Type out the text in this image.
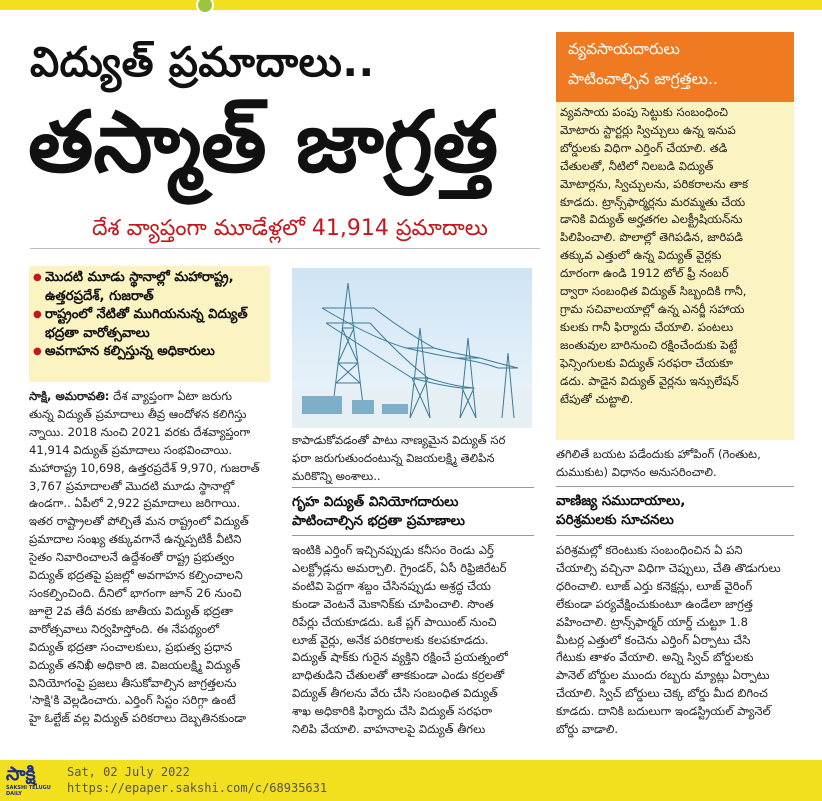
విద్యుత్ ప్రమాదాలు..
తస్మాత్ జాగ్రత్త
దేశ వ్యాప్తంగా మూడేళ్లలో 41,914 ప్రమాదాలు
● మొదటి మూడు స్థానాల్లో మహారాష్ట్ర, ఉత్తరప్రదేశ్, గుజరాత్
● రాష్ట్రంలో నేటితో ముగియనున్న విద్యుత్ భద్రతా వారోత్సవాలు
● అవగాహన కల్పిస్తున్న అధికారులు

సాక్షి, అమరావతి: దేశ వ్యాప్తంగా ఏటా జరుగు

తున్న విద్యుత్ ప్రమాదాలు తీవ్ర ఆందోళన కలిగిస్తు

న్నాయి. 2018 నుంచి 2021 వరకు దేశవ్యాప్తంగా

41,914 విద్యుత్ ప్రమాదాలు సంభవించాయి.

మహారాష్ట్ర 10,698, ఉత్తరప్రదేశ్ 9,970, గుజరాత్

3,767 ప్రమాదాలతో మొదటి మూడు స్థానాల్లో

ఉండగా.. ఏపీలో 2,922 ప్రమాదాలు జరిగాయి.

ఇతర రాష్ట్రాలతో పోల్చితే మన రాష్ట్రంలో విద్యుత్

ప్రమాదాల సంఖ్య తక్కువగానే ఉన్నప్పటికీ వీటిని

సైతం నివారించాలనే ఉద్దేశంతో రాష్ట్ర ప్రభుత్వం

విద్యుత్ భద్రతపై ప్రజల్లో అవగాహన కల్పించాలని

సంకల్పించింది. దీనిలో భాగంగా జూన్ 26 నుంచి

జూలై 2వ తేదీ వరకు జాతీయ విద్యుత్ భద్రతా

వారోత్సవాలు నిర్వహిస్తోంది. ఈ నేపథ్యంలో

విద్యుత్ భద్రతా సంచాలకులు, ప్రభుత్వ ప్రధాన

విద్యుత్ తనిఖీ అధికారి జి. విజయలక్ష్మి విద్యుత్

వినియోగంపై ప్రజలు తీసుకోవాల్సిన జాగ్రత్తలను

'సాక్షి'కి వెల్లడించారు. ఎర్తింగ్ సిస్టం సరిగ్గా ఉంటే

హై ఓల్టేజ్ వల్ల విద్యుత్ పరికరాలు దెబ్బతినకుండా

కాపాడుకోవడంతో పాటు నాణ్యమైన విద్యుత్ సర

ఫరా జరుగుతుందంటున్న విజయలక్ష్మి తెలిపిన

మరికొన్ని అంశాలు..

గృహ విద్యుత్ వినియోగదారులు
పాటించాల్సిన భద్రతా ప్రమాణాలు

ఇంటికి ఎర్తింగ్ ఇచ్చినప్పుడు కనీసం రెండు ఎర్త్

ఎలక్ట్రోడ్లను అమర్చాలి. గ్రైండర్, ఏసీ రిఫ్రిజిరేటర్

వంటివి పెద్దగా శబ్దం చేసినప్పుడు అశ్రద్ధ చేయ

కుండా వెంటనే మెకానిక్‌కు చూపించాలి. సొంత

రిపేర్లు చేయకూడదు. ఒకే ప్లగ్ పాయింట్ నుంచి

లూజ్ వైర్లు, అనేక పరికరాలకు కలపకూడదు.

విద్యుత్ షాక్‌కు గురైన వ్యక్తిని రక్షించే ప్రయత్నంలో

బాధితుడిని చేతులతో తాకకుండా ఎండు కర్రలతో

విద్యుత్ తీగలను వేరు చేసి సంబంధిత విద్యుత్

శాఖ అధికారికి ఫిర్యాదు చేసి విద్యుత్ సరఫరా

నిలిపి వేయాలి. వాహనాలపై విద్యుత్ తీగలు

వ్యవసాయదారులు
పాటించాల్సిన జాగ్రత్తలు..

వ్యవసాయ పంపు సెట్టుకు సంబంధించి

మోటారు స్టార్టర్లు స్విచ్చులు ఉన్న ఇనుప

బోర్డులకు విధిగా ఎర్తింగ్ చేయాలి. తడి

చేతులతో, నీటిలో నిలబడి విద్యుత్

మోటార్లను, స్విచ్చులను, పరికరాలను తాక

కూడదు. ట్రాన్స్‌ఫార్మర్లను మరమ్మతు చేయ

డానికి విద్యుత్ అర్హతగల ఎలక్ట్రీషియన్‌ను

పిలిపించాలి. పొలాల్లో తెగిపడిన, జారిపడి

తక్కువ ఎత్తులో ఉన్న విద్యుత్ వైర్లకు

దూరంగా ఉండి 1912 టోల్ ఫ్రీ నంబర్

ద్వారా సంబంధిత విద్యుత్ సిబ్బందికి గానీ,

గ్రామ సచివాలయాల్లో ఉన్న ఎనర్జీ సహాయ

కులకు గానీ ఫిర్యాదు చేయాలి. పంటలు

జంతువుల బారినుంచి రక్షించేందుకు పెట్టే

ఫెన్సింగులకు విద్యుత్ సరఫరా చేయకూ

డదు. పాడైన విద్యుత్ వైర్లను ఇన్సులేషన్

టేపుతో చుట్టాలి.

తగిలితే బయట పడేందుకు హోపింగ్ (గెంతుట,

దుముకుట) విధానం అనుసరించాలి.

వాణిజ్య సముదాయాలు,
పరిశ్రమలకు సూచనలు

పరిశ్రమల్లో కరెంటుకు సంబంధించిన ఏ పని

చేయాల్సి వచ్చినా విధిగా చెప్పులు, చేతి తొడుగులు

ధరించాలి. లూజ్ ఎర్తు కనెక్షన్లు, లూజ్ వైరింగ్

లేకుండా పర్యవేక్షించుకుంటూ ఉండేలా జాగ్రత్త

వహించాలి. ట్రాన్స్‌ఫార్మర్ యార్డ్ చుట్టూ 1.8

మీటర్ల ఎత్తులో కంచెను ఎర్తింగ్ ఏర్పాటు చేసి

గేటుకు తాళం వేయాలి. అన్ని స్విచ్ బోర్డులకు

పానెల్ బోర్డుల ముందు రబ్బరు మ్యాట్లు ఏర్పాటు

చేయాలి. స్విచ్ బోర్డులు చెక్క బోర్డు మీద బిగించ

కూడదు. దానికి బదులుగా ఇండస్ట్రియల్ ప్యానెల్

బోర్డు వాడాలి.

సాక్షి
SAKSHI TELUGU DAILY
Sat, 02 July 2022
https://epaper.sakshi.com/c/68935631
